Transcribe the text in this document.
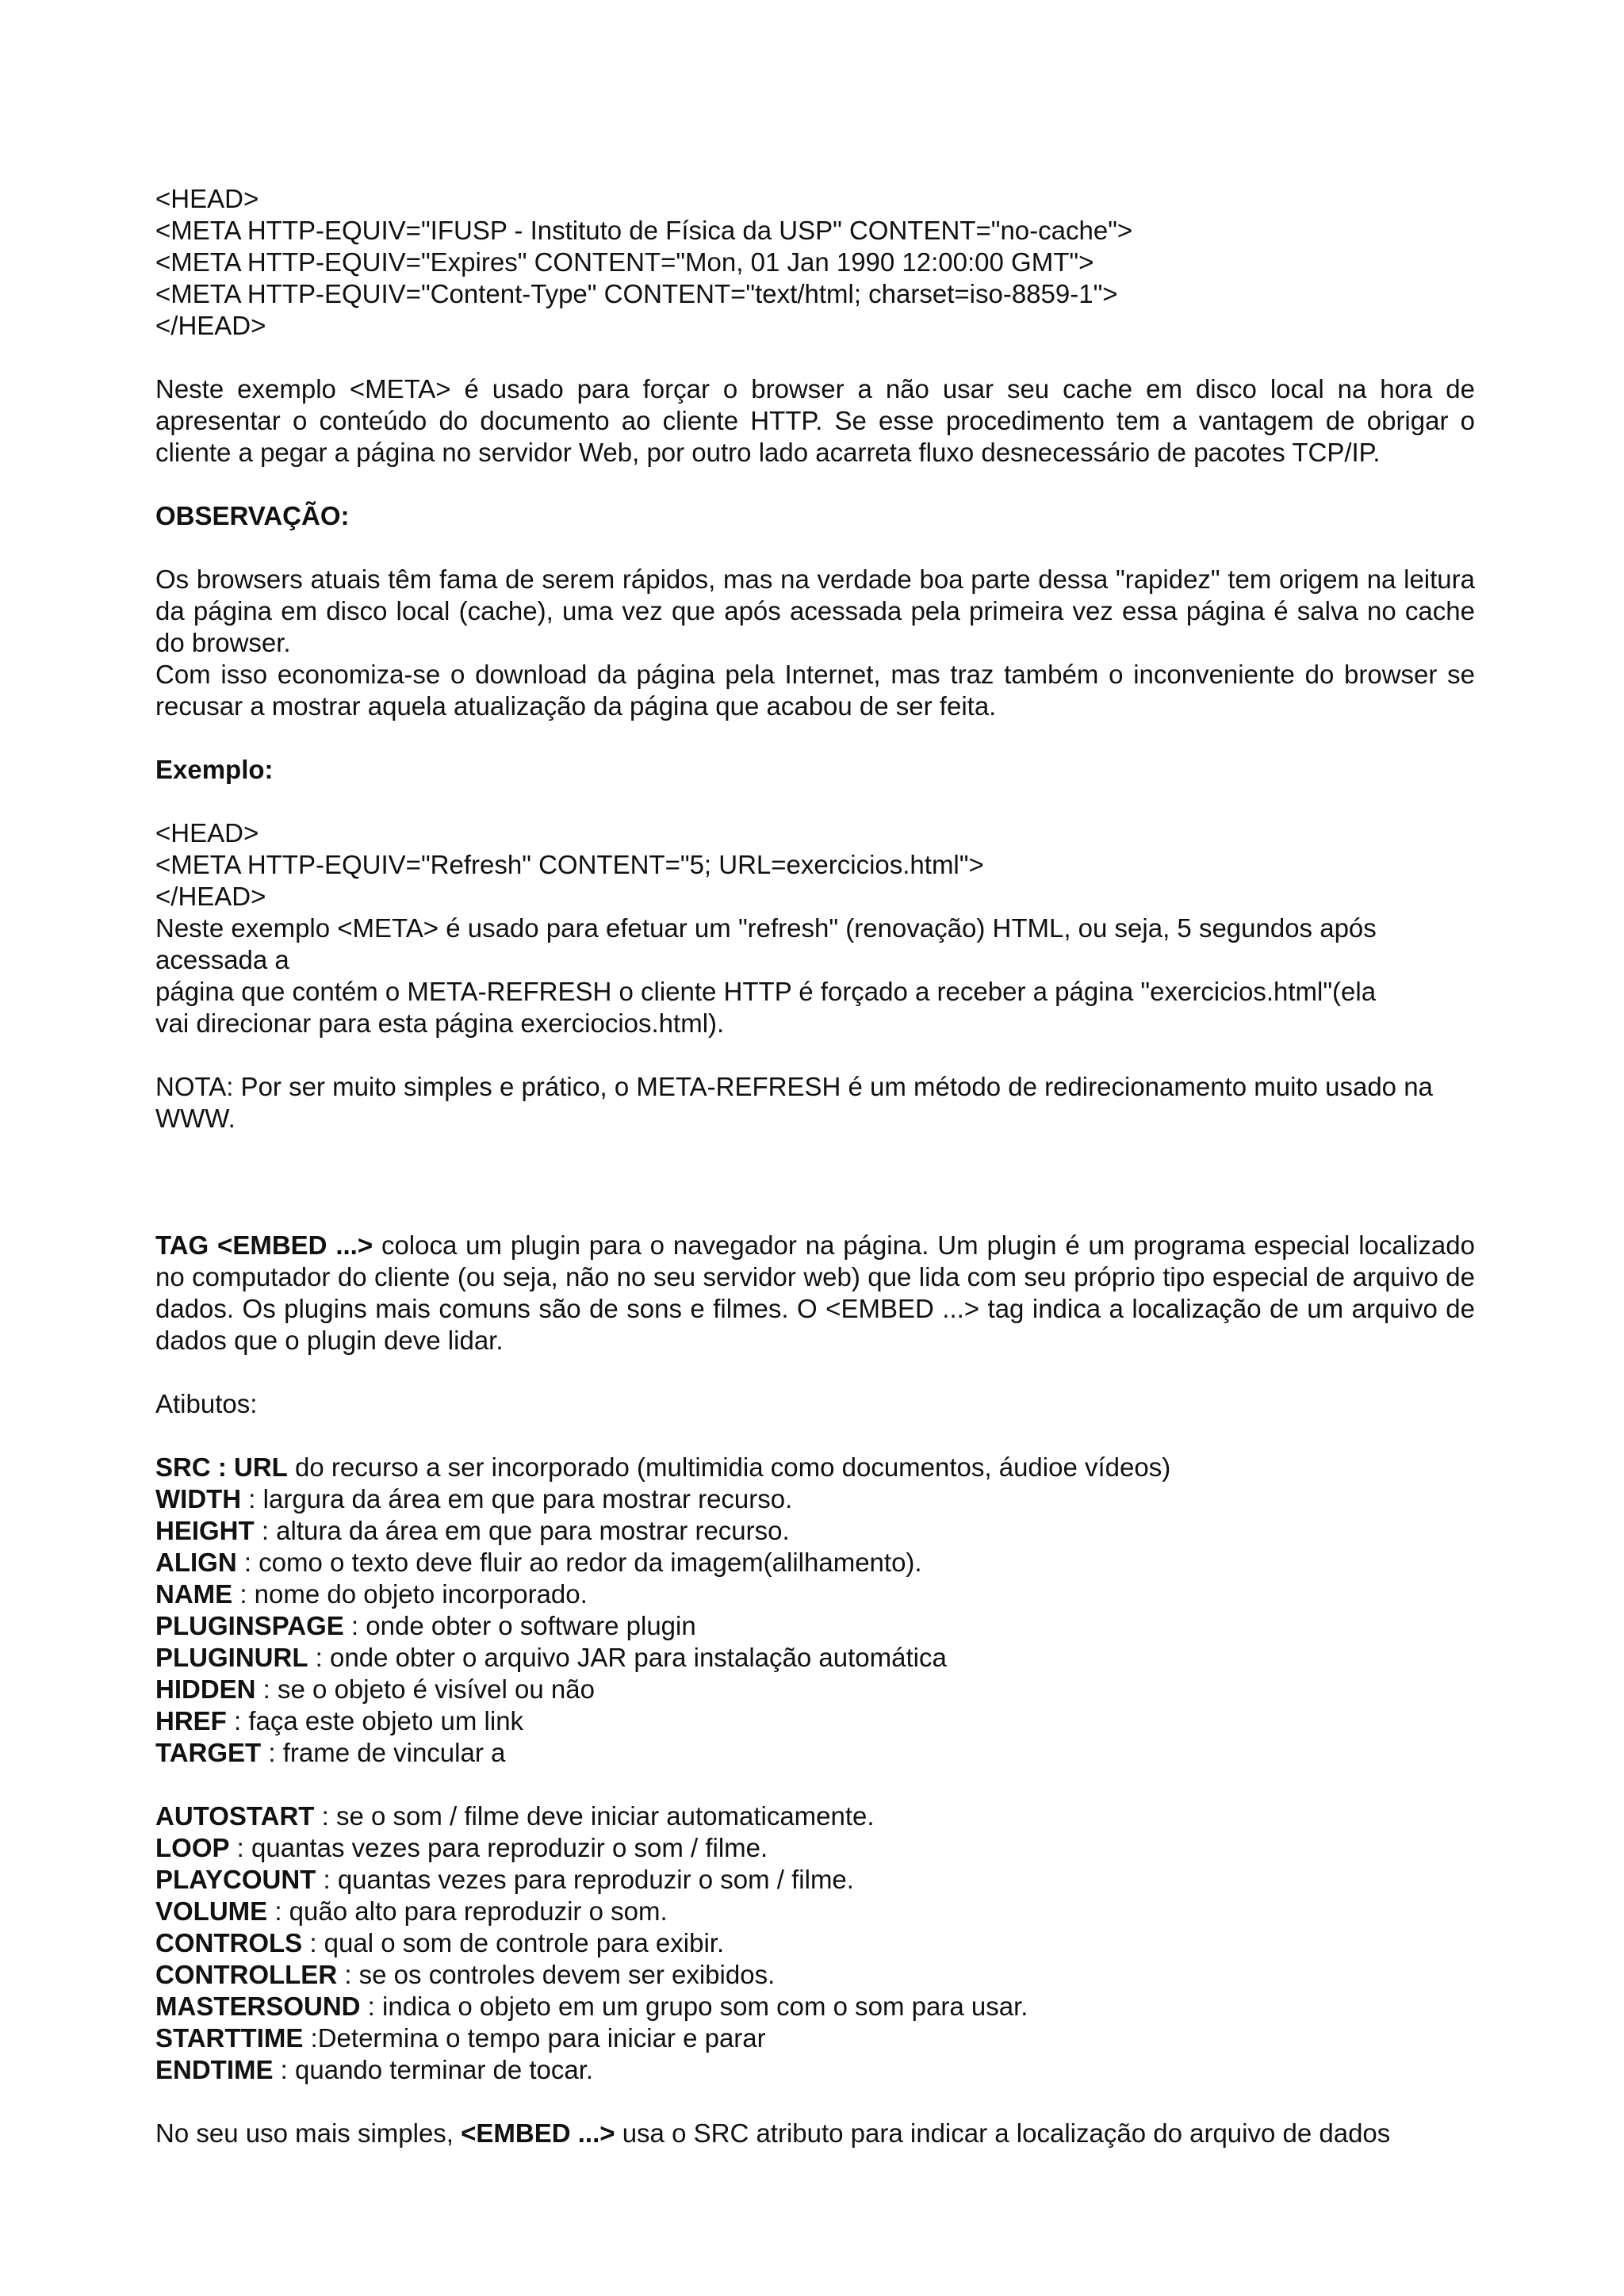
<HEAD>
<META HTTP-EQUIV="IFUSP - Instituto de Física da USP" CONTENT="no-cache">
<META HTTP-EQUIV="Expires" CONTENT="Mon, 01 Jan 1990 12:00:00 GMT">
<META HTTP-EQUIV="Content-Type" CONTENT="text/html; charset=iso-8859-1">
</HEAD>

Neste exemplo <META> é usado para forçar o browser a não usar seu cache em disco local na hora de apresentar o conteúdo do documento ao cliente HTTP. Se esse procedimento tem a vantagem de obrigar o cliente a pegar a página no servidor Web, por outro lado acarreta fluxo desnecessário de pacotes TCP/IP.

OBSERVAÇÃO:

Os browsers atuais têm fama de serem rápidos, mas na verdade boa parte dessa "rapidez" tem origem na leitura da página em disco local (cache), uma vez que após acessada pela primeira vez essa página é salva no cache do browser.

Com isso economiza-se o download da página pela Internet, mas traz também o inconveniente do browser se recusar a mostrar aquela atualização da página que acabou de ser feita.

Exemplo:

<HEAD>
<META HTTP-EQUIV="Refresh" CONTENT="5; URL=exercicios.html">
</HEAD>
Neste exemplo <META> é usado para efetuar um "refresh" (renovação) HTML, ou seja, 5 segundos após
acessada a
página que contém o META-REFRESH o cliente HTTP é forçado a receber a página "exercicios.html"(ela
vai direcionar para esta página exerciocios.html).

NOTA: Por ser muito simples e prático, o META-REFRESH é um método de redirecionamento muito usado na WWW.

TAG <EMBED ...> coloca um plugin para o navegador na página. Um plugin é um programa especial localizado no computador do cliente (ou seja, não no seu servidor web) que lida com seu próprio tipo especial de arquivo de dados. Os plugins mais comuns são de sons e filmes. O <EMBED ...> tag indica a localização de um arquivo de dados que o plugin deve lidar.

Atibutos:

SRC : URL do recurso a ser incorporado (multimidia como documentos, áudioe vídeos)
WIDTH : largura da área em que para mostrar recurso.
HEIGHT : altura da área em que para mostrar recurso.
ALIGN : como o texto deve fluir ao redor da imagem(alilhamento).
NAME : nome do objeto incorporado.
PLUGINSPAGE : onde obter o software plugin
PLUGINURL : onde obter o arquivo JAR para instalação automática
HIDDEN : se o objeto é visível ou não
HREF : faça este objeto um link
TARGET : frame de vincular a
AUTOSTART : se o som / filme deve iniciar automaticamente.
LOOP : quantas vezes para reproduzir o som / filme.
PLAYCOUNT : quantas vezes para reproduzir o som / filme.
VOLUME : quão alto para reproduzir o som.
CONTROLS : qual o som de controle para exibir.
CONTROLLER : se os controles devem ser exibidos.
MASTERSOUND : indica o objeto em um grupo som com o som para usar.
STARTTIME :Determina o tempo para iniciar e parar
ENDTIME : quando terminar de tocar.

No seu uso mais simples, <EMBED ...> usa o SRC atributo para indicar a localização do arquivo de dados
